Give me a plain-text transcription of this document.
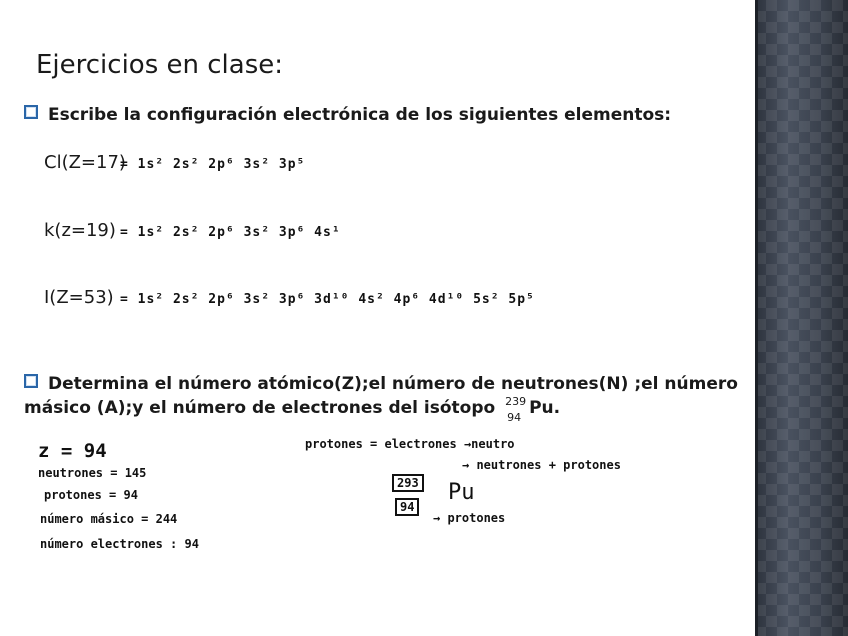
Ejercicios en clase:
Escribe la configuración electrónica de los siguientes elementos:
Cl(Z=17)
= 1s² 2s² 2p⁶ 3s² 3p⁵
k(z=19) = 1s² 2s² 2p⁶ 3s² 3p⁶ 4s¹
I(Z=53) = 1s² 2s² 2p⁶ 3s² 3p⁶ 3d¹⁰ 4s² 4p⁶ 4d¹⁰ 5s² 5p⁵
Determina el número atómico(Z);el número de neutrones(N) ;el número másico (A);y el número de electrones del isótopo 239
94 Pu.
z = 94
neutrones = 145
protones = 94
número másico = 244
número electrones : 94
protones = electrones →neutro
→ neutrones + protones
293 Pu
94
→ protones
